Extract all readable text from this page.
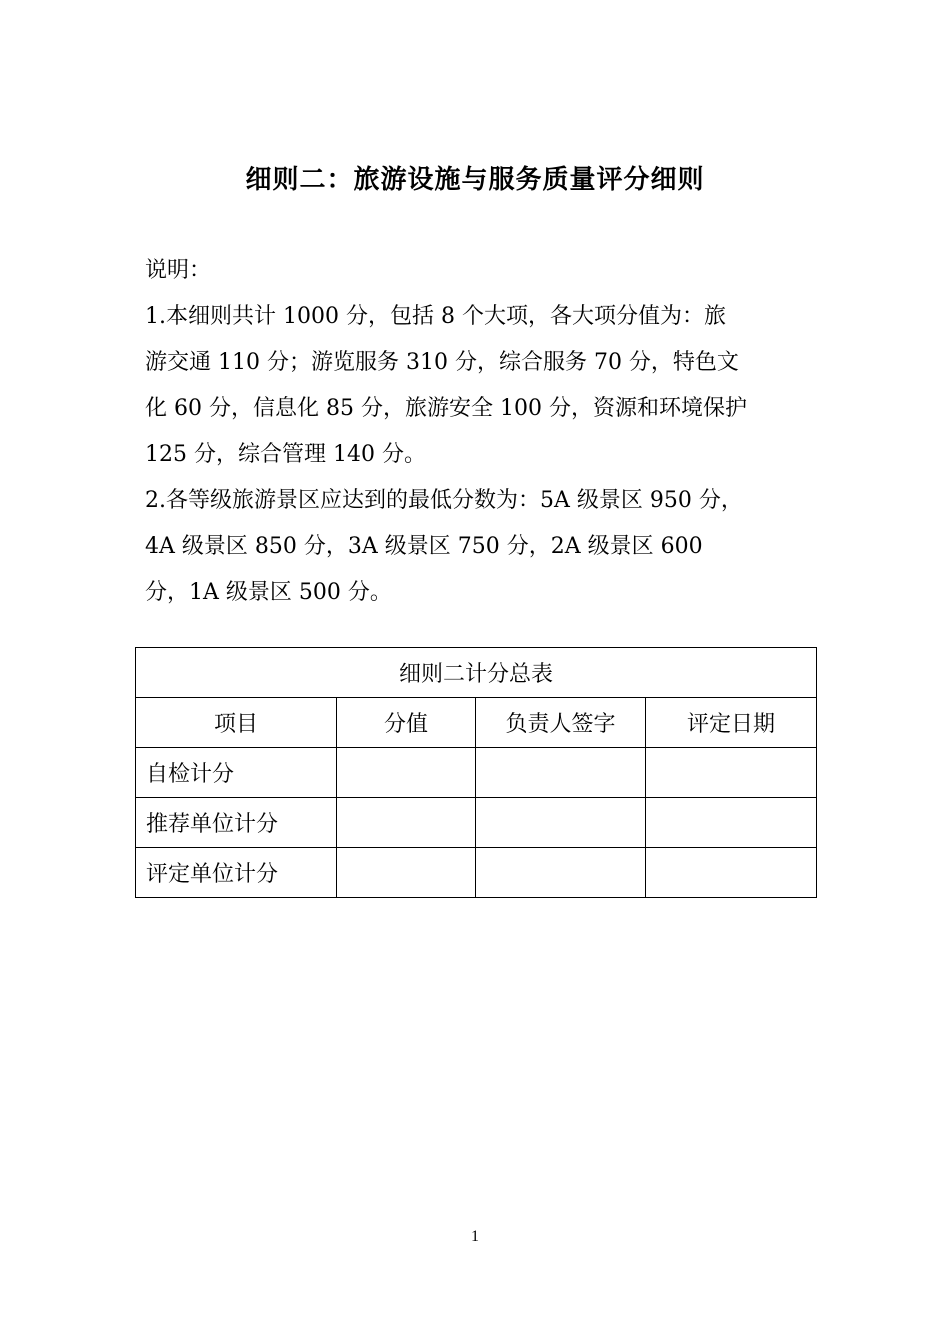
细则二：旅游设施与服务质量评分细则

说明：

1.本细则共计 1000 分，包括 8 个大项，各大项分值为：旅

游交通 110 分；游览服务 310 分，综合服务 70 分，特色文

化 60 分，信息化 85 分，旅游安全 100 分，资源和环境保护

125 分，综合管理 140 分。

2.各等级旅游景区应达到的最低分数为：5A 级景区 950 分，

4A 级景区 850 分，3A 级景区 750 分，2A 级景区 600

分，1A 级景区 500 分。

细则二计分总表			
项目	分值	负责人签字	评定日期
自检计分			
推荐单位计分			
评定单位计分			
1
